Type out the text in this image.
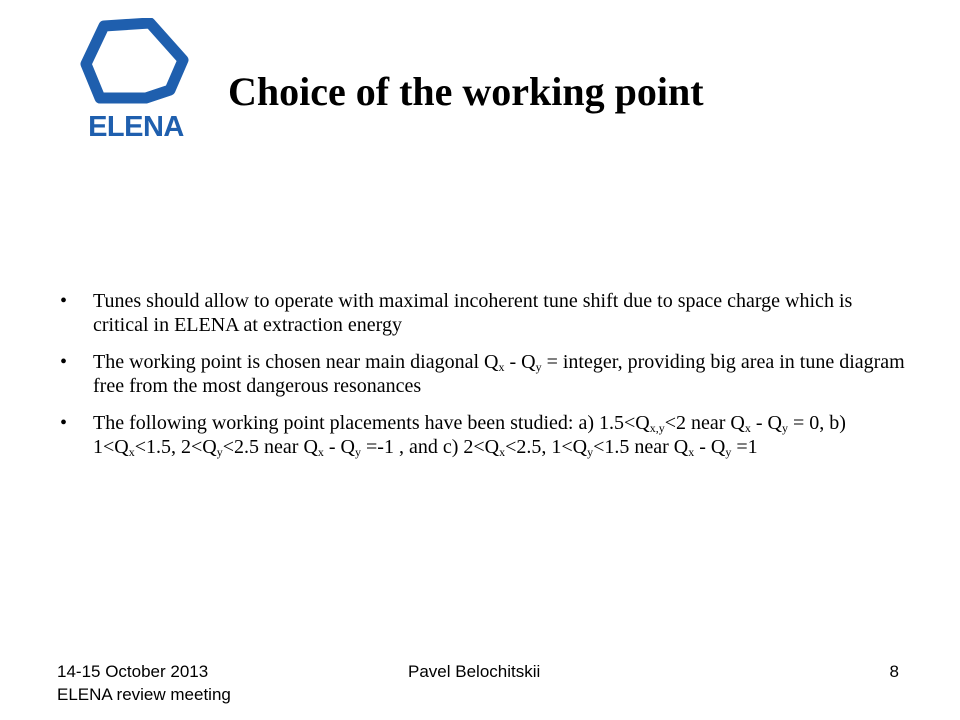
ELENA
Choice of the working point
• Tunes should allow to operate with maximal incoherent tune shift due to space charge which is critical in ELENA at extraction energy
• The working point is chosen near main diagonal $Q_x - Q_y$ = integer, providing big area in tune diagram free from the most dangerous resonances
• The following working point placements have been studied: a) $1.5<Q_{x,y}<2$ near $Q_x - Q_y = 0$, b) $1<Q_x<1.5$, $2<Q_y<2.5$ near $Q_x - Q_y =-1$ , and c) $2<Q_x<2.5$, $1<Q_y<1.5$ near $Q_x - Q_y =1$
14-15 October 2013
ELENA review meeting
Pavel Belochitskii	8
